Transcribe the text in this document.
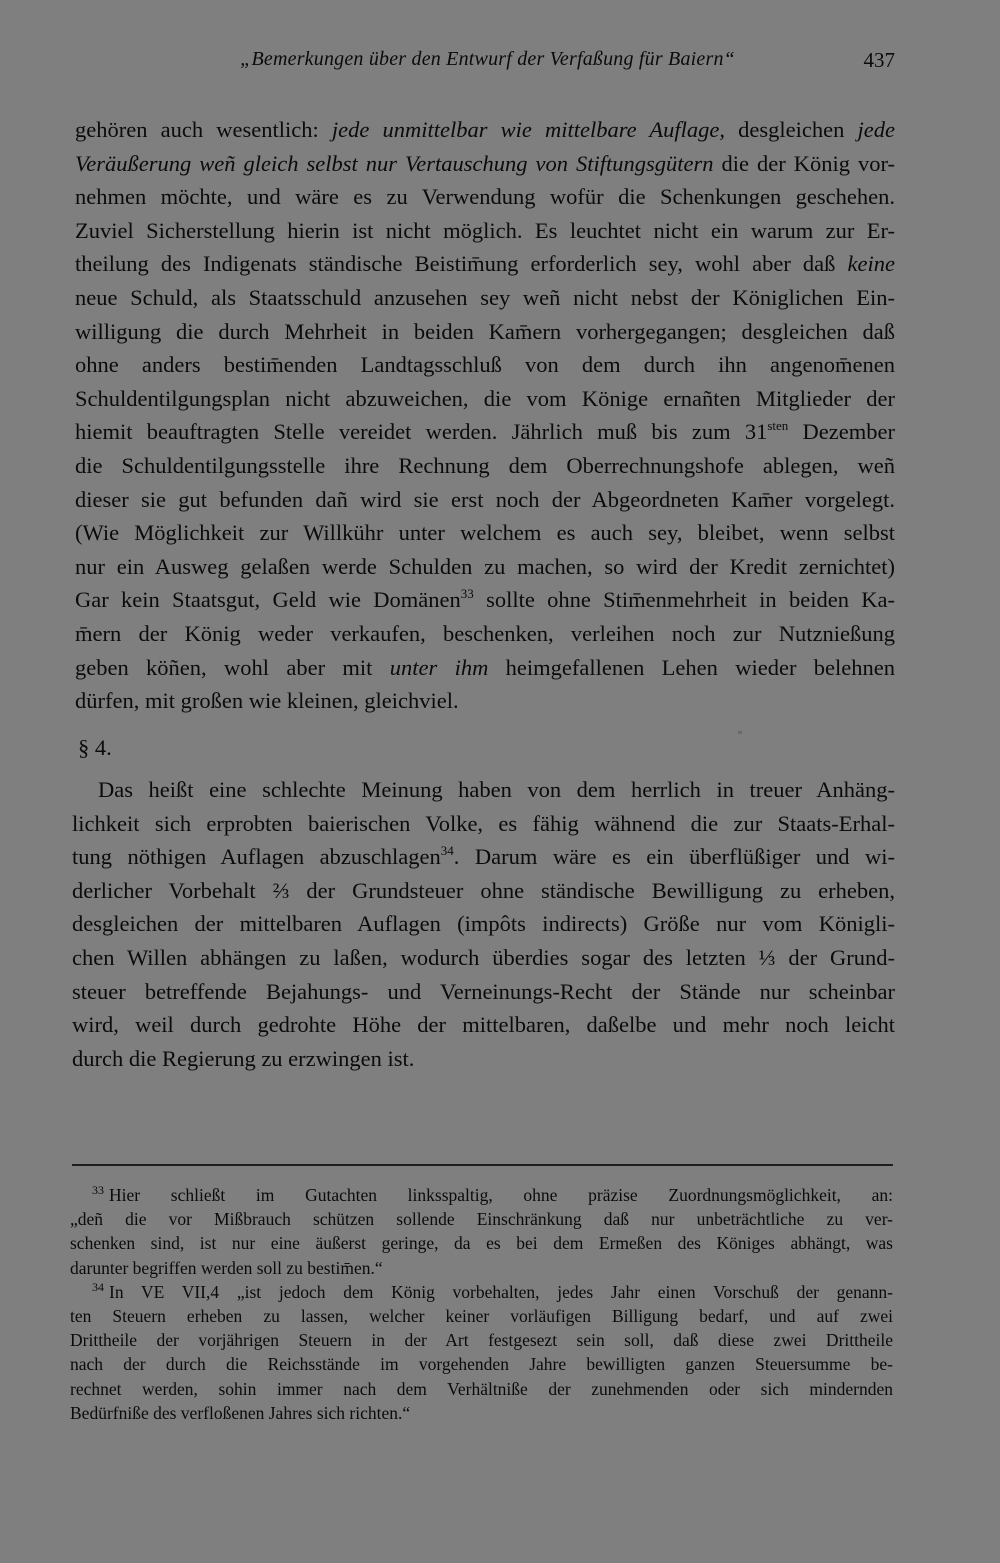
„Bemerkungen über den Entwurf der Verfaßung für Baiern“	437
gehören auch wesentlich: jede unmittelbar wie mittelbare Auflage, desgleichen jede
Veräußerung weñ gleich selbst nur Vertauschung von Stiftungsgütern die der König vor-
nehmen möchte, und wäre es zu Verwendung wofür die Schenkungen geschehen.
Zuviel Sicherstellung hierin ist nicht möglich. Es leuchtet nicht ein warum zur Er-
theilung des Indigenats ständische Beistim̄ung erforderlich sey, wohl aber daß keine
neue Schuld, als Staatsschuld anzusehen sey weñ nicht nebst der Königlichen Ein-
willigung die durch Mehrheit in beiden Kam̄ern vorhergegangen; desgleichen daß
ohne anders bestim̄enden Landtagsschluß von dem durch ihn angenom̄enen
Schuldentilgungsplan nicht abzuweichen, die vom Könige ernañten Mitglieder der
hiemit beauftragten Stelle vereidet werden. Jährlich muß bis zum $31^{sten}$ Dezember
die Schuldentilgungsstelle ihre Rechnung dem Oberrechnungshofe ablegen, weñ
dieser sie gut befunden dañ wird sie erst noch der Abgeordneten Kam̄er vorgelegt.
(Wie Möglichkeit zur Willkühr unter welchem es auch sey, bleibet, wenn selbst
nur ein Ausweg gelaßen werde Schulden zu machen, so wird der Kredit zernichtet)
Gar kein Staatsgut, Geld wie Domänen$^{33}$ sollte ohne Stim̄enmehrheit in beiden Ka-
m̄ern der König weder verkaufen, beschenken, verleihen noch zur Nutznießung
geben köñen, wohl aber mit unter ihm heimgefallenen Lehen wieder belehnen
dürfen, mit großen wie kleinen, gleichviel.
§ 4.
Das heißt eine schlechte Meinung haben von dem herrlich in treuer Anhäng-
lichkeit sich erprobten baierischen Volke, es fähig wähnend die zur Staats-Erhal-
tung nöthigen Auflagen abzuschlagen$^{34}$. Darum wäre es ein überflüßiger und wi-
derlicher Vorbehalt ⅔ der Grundsteuer ohne ständische Bewilligung zu erheben,
desgleichen der mittelbaren Auflagen (impôts indirects) Größe nur vom Königli-
chen Willen abhängen zu laßen, wodurch überdies sogar des letzten ⅓ der Grund-
steuer betreffende Bejahungs- und Verneinungs-Recht der Stände nur scheinbar
wird, weil durch gedrohte Höhe der mittelbaren, daßelbe und mehr noch leicht
durch die Regierung zu erzwingen ist.
$^{33}$ Hier schließt im Gutachten linksspaltig, ohne präzise Zuordnungsmöglichkeit, an:
„deñ die vor Mißbrauch schützen sollende Einschränkung daß nur unbeträchtliche zu ver-
schenken sind, ist nur eine äußerst geringe, da es bei dem Ermeßen des Königes abhängt, was
darunter begriffen werden soll zu bestim̄en.“
$^{34}$ In VE VII,4 „ist jedoch dem König vorbehalten, jedes Jahr einen Vorschuß der genann-
ten Steuern erheben zu lassen, welcher keiner vorläufigen Billigung bedarf, und auf zwei
Drittheile der vorjährigen Steuern in der Art festgesezt sein soll, daß diese zwei Drittheile
nach der durch die Reichsstände im vorgehenden Jahre bewilligten ganzen Steuersumme be-
rechnet werden, sohin immer nach dem Verhältniße der zunehmenden oder sich mindernden
Bedürfniße des verfloßenen Jahres sich richten.“
